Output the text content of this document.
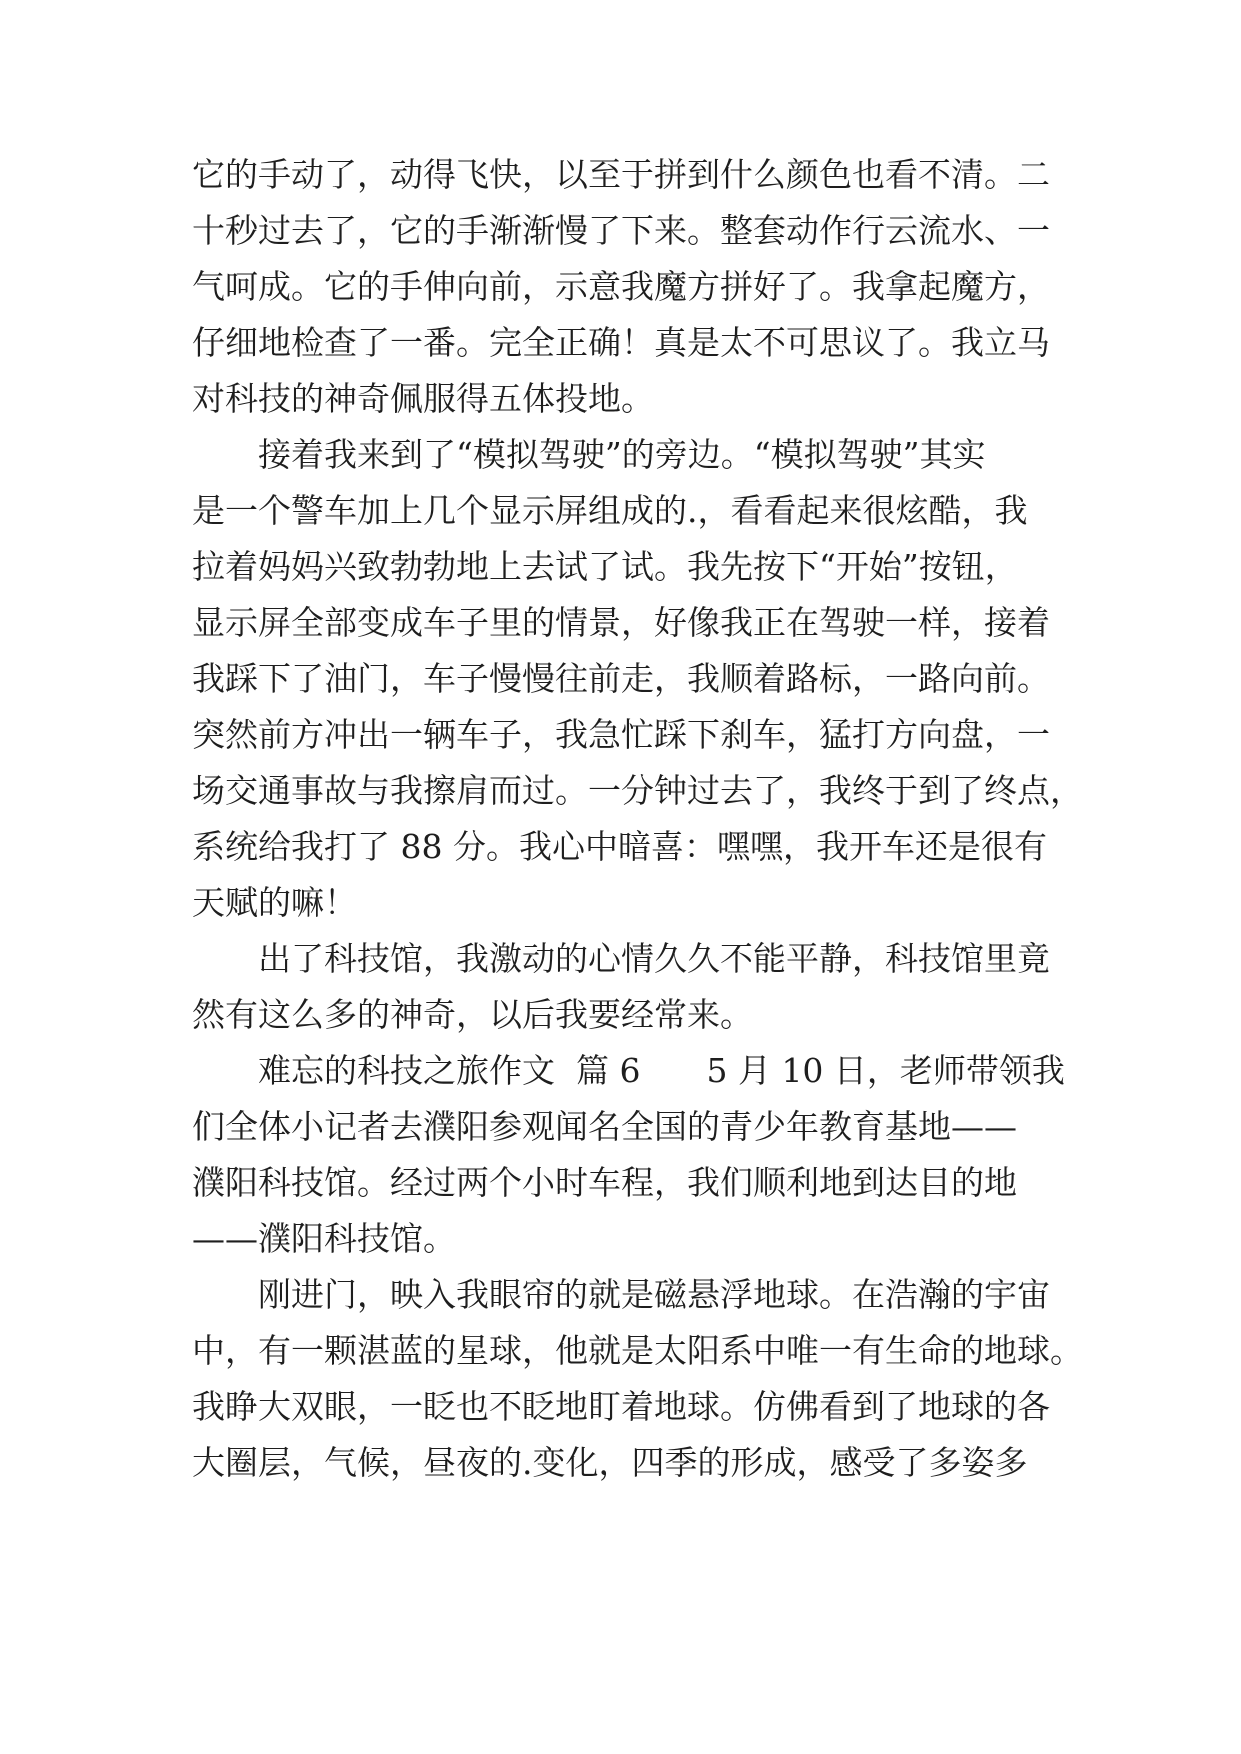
它的手动了，动得飞快，以至于拼到什么颜色也看不清。二
十秒过去了，它的手渐渐慢了下来。整套动作行云流水、一
气呵成。它的手伸向前，示意我魔方拼好了。我拿起魔方，
仔细地检查了一番。完全正确！真是太不可思议了。我立马
对科技的神奇佩服得五体投地。
　　接着我来到了“模拟驾驶”的旁边。“模拟驾驶”其实
是一个警车加上几个显示屏组成的.，看看起来很炫酷，我
拉着妈妈兴致勃勃地上去试了试。我先按下“开始”按钮，
显示屏全部变成车子里的情景，好像我正在驾驶一样，接着
我踩下了油门，车子慢慢往前走，我顺着路标，一路向前。
突然前方冲出一辆车子，我急忙踩下刹车，猛打方向盘，一
场交通事故与我擦肩而过。一分钟过去了，我终于到了终点，
系统给我打了 88 分。我心中暗喜：嘿嘿，我开车还是很有
天赋的嘛！
　　出了科技馆，我激动的心情久久不能平静，科技馆里竟
然有这么多的神奇，以后我要经常来。
　　难忘的科技之旅作文  篇 6　　5 月 10 日，老师带领我
们全体小记者去濮阳参观闻名全国的青少年教育基地——
濮阳科技馆。经过两个小时车程，我们顺利地到达目的地
——濮阳科技馆。
　　刚进门，映入我眼帘的就是磁悬浮地球。在浩瀚的宇宙
中，有一颗湛蓝的星球，他就是太阳系中唯一有生命的地球。
我睁大双眼，一眨也不眨地盯着地球。仿佛看到了地球的各
大圈层，气候，昼夜的.变化，四季的形成，感受了多姿多
